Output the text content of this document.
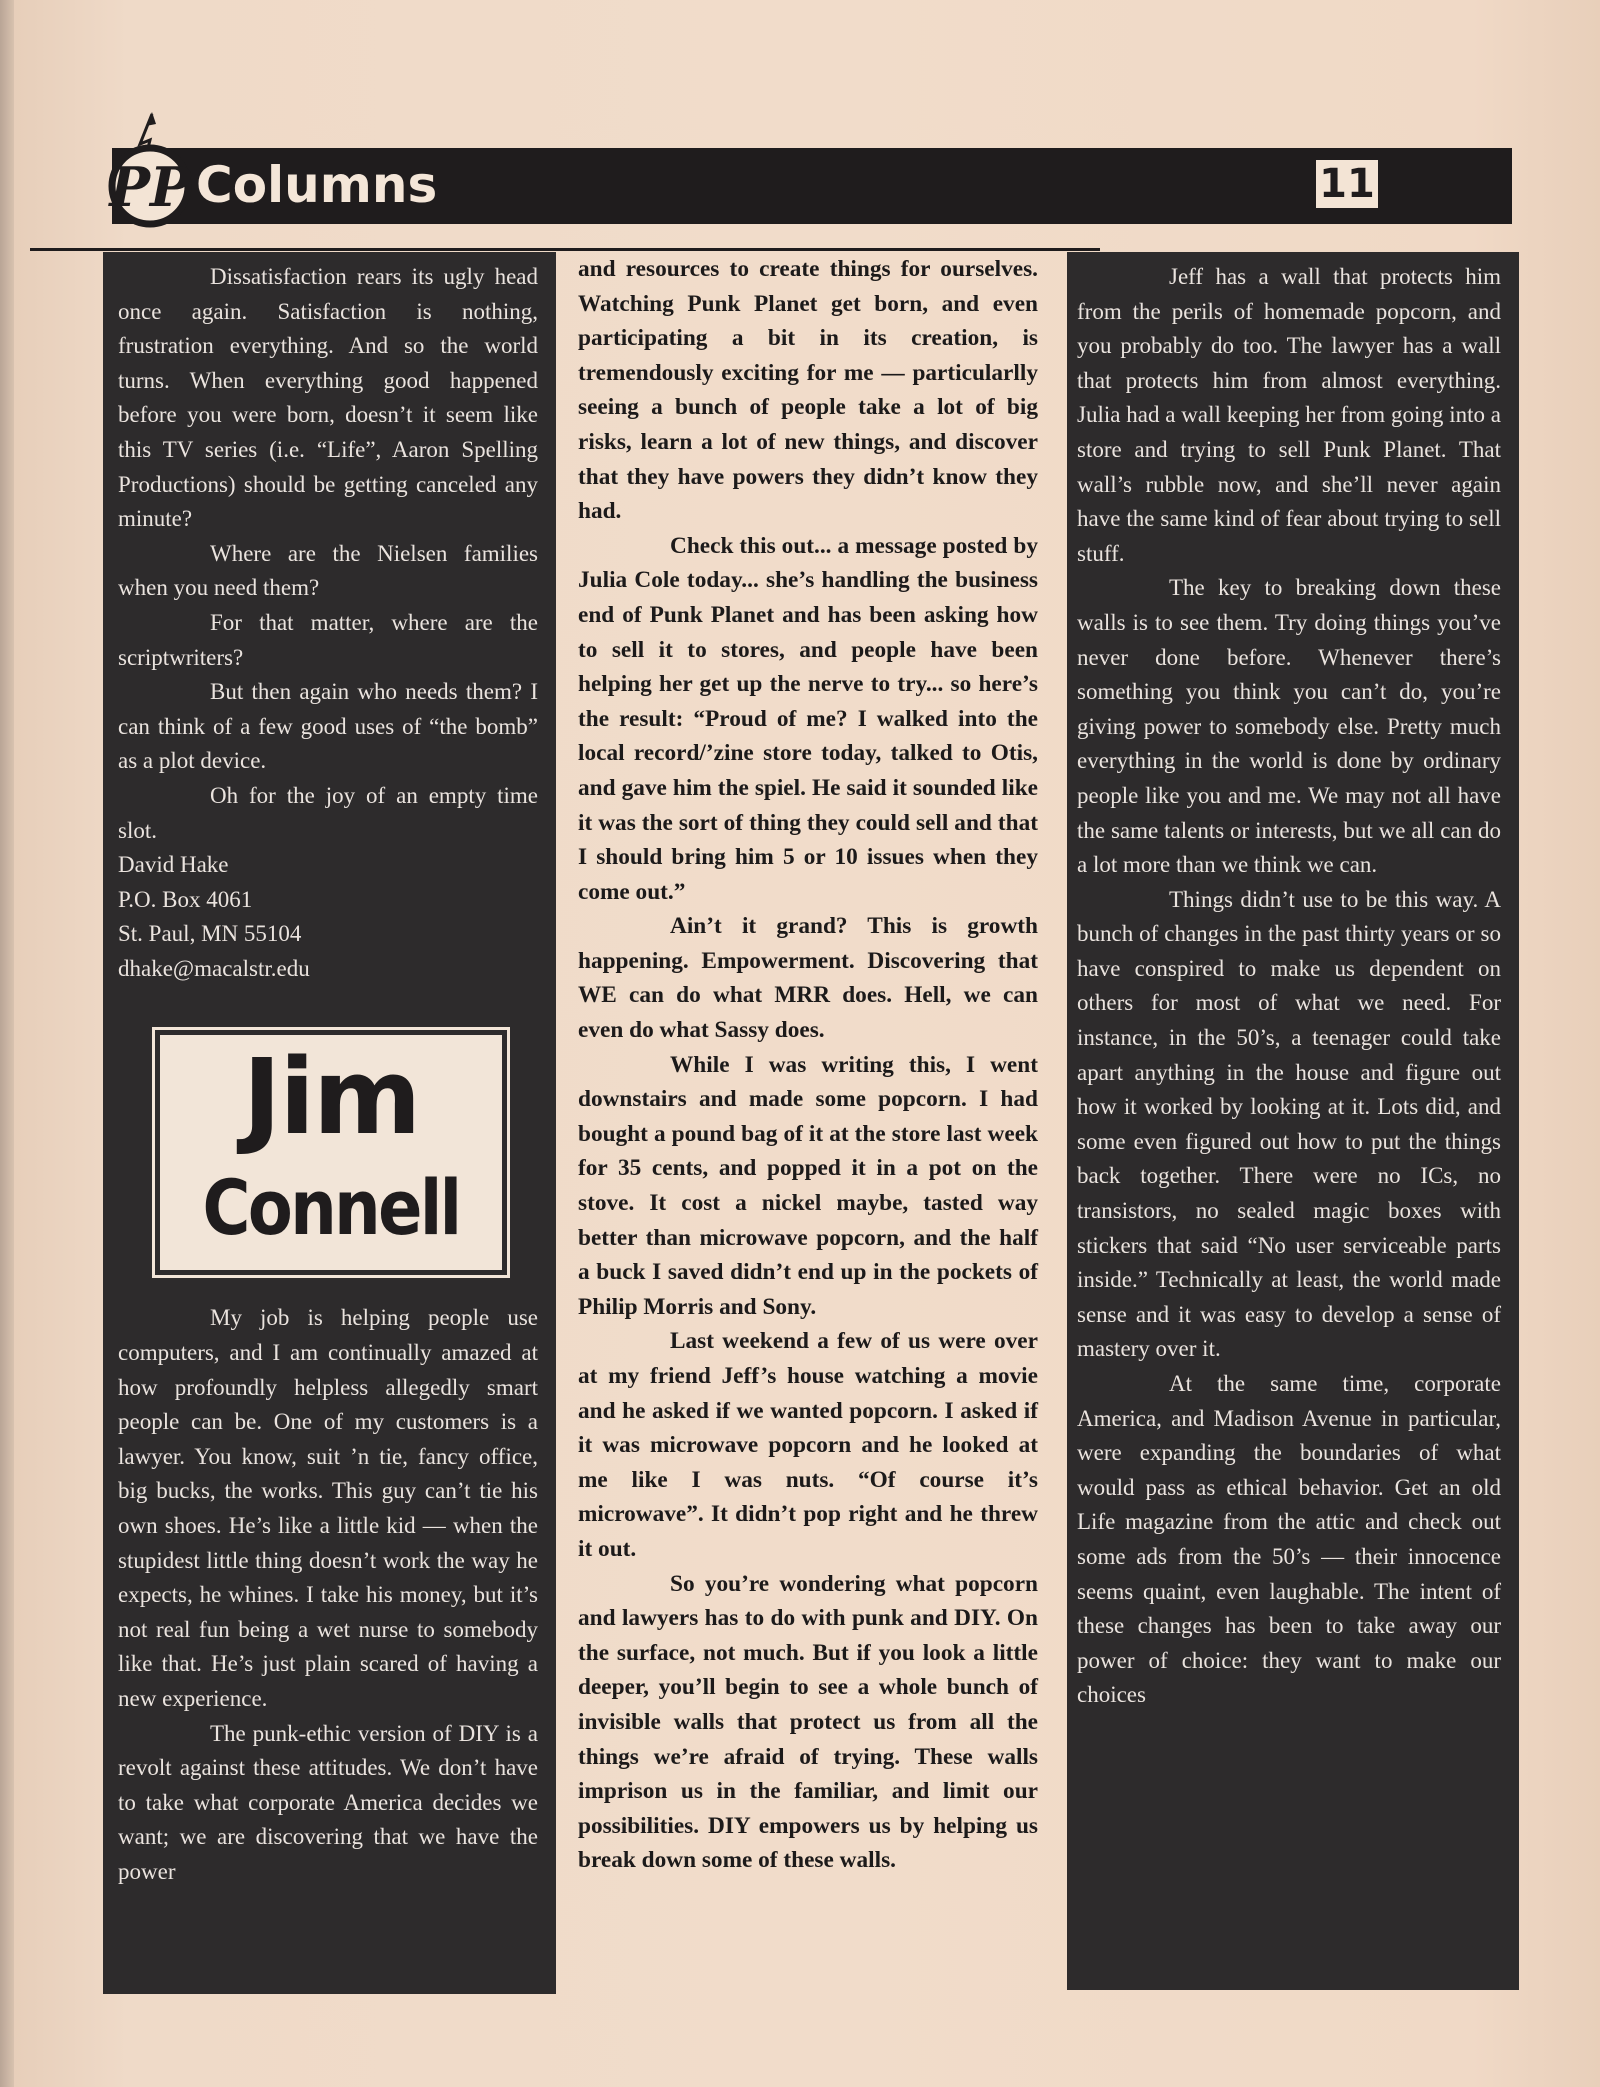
PP Columns	11

Dissatisfaction rears its ugly head once again. Satisfaction is nothing, frustration everything. And so the world turns. When everything good happened before you were born, doesn’t it seem like this TV series (i.e. “Life”, Aaron Spelling Productions) should be getting canceled any minute?

Where are the Nielsen families when you need them?

For that matter, where are the scriptwriters?

But then again who needs them? I can think of a few good uses of “the bomb” as a plot device.

Oh for the joy of an empty time slot.

David Hake

P.O. Box 4061

St. Paul, MN 55104

dhake@macalstr.edu

Jim
Connell

My job is helping people use computers, and I am continually amazed at how profoundly helpless allegedly smart people can be. One of my customers is a lawyer. You know, suit ’n tie, fancy office, big bucks, the works. This guy can’t tie his own shoes. He’s like a little kid — when the stupidest little thing doesn’t work the way he expects, he whines. I take his money, but it’s not real fun being a wet nurse to somebody like that. He’s just plain scared of having a new experience.

The punk-ethic version of DIY is a revolt against these attitudes. We don’t have to take what corporate America decides we want; we are discovering that we have the power

and resources to create things for ourselves. Watching Punk Planet get born, and even participating a bit in its creation, is tremendously exciting for me — particularlly seeing a bunch of people take a lot of big risks, learn a lot of new things, and discover that they have powers they didn’t know they had.

Check this out... a message posted by Julia Cole today... she’s handling the business end of Punk Planet and has been asking how to sell it to stores, and people have been helping her get up the nerve to try... so here’s the result: “Proud of me? I walked into the local record/’zine store today, talked to Otis, and gave him the spiel. He said it sounded like it was the sort of thing they could sell and that I should bring him 5 or 10 issues when they come out.”

Ain’t it grand? This is growth happening. Empowerment. Discovering that WE can do what MRR does. Hell, we can even do what Sassy does.

While I was writing this, I went downstairs and made some popcorn. I had bought a pound bag of it at the store last week for 35 cents, and popped it in a pot on the stove. It cost a nickel maybe, tasted way better than microwave popcorn, and the half a buck I saved didn’t end up in the pockets of Philip Morris and Sony.

Last weekend a few of us were over at my friend Jeff’s house watching a movie and he asked if we wanted popcorn. I asked if it was microwave popcorn and he looked at me like I was nuts. “Of course it’s microwave”. It didn’t pop right and he threw it out.

So you’re wondering what popcorn and lawyers has to do with punk and DIY. On the surface, not much. But if you look a little deeper, you’ll begin to see a whole bunch of invisible walls that protect us from all the things we’re afraid of trying. These walls imprison us in the familiar, and limit our possibilities. DIY empowers us by helping us break down some of these walls.

Jeff has a wall that protects him from the perils of homemade popcorn, and you probably do too. The lawyer has a wall that protects him from almost everything. Julia had a wall keeping her from going into a store and trying to sell Punk Planet. That wall’s rubble now, and she’ll never again have the same kind of fear about trying to sell stuff.

The key to breaking down these walls is to see them. Try doing things you’ve never done before. Whenever there’s something you think you can’t do, you’re giving power to somebody else. Pretty much everything in the world is done by ordinary people like you and me. We may not all have the same talents or interests, but we all can do a lot more than we think we can.

Things didn’t use to be this way. A bunch of changes in the past thirty years or so have conspired to make us dependent on others for most of what we need. For instance, in the 50’s, a teenager could take apart anything in the house and figure out how it worked by looking at it. Lots did, and some even figured out how to put the things back together. There were no ICs, no transistors, no sealed magic boxes with stickers that said “No user serviceable parts inside.” Technically at least, the world made sense and it was easy to develop a sense of mastery over it.

At the same time, corporate America, and Madison Avenue in particular, were expanding the boundaries of what would pass as ethical behavior. Get an old Life magazine from the attic and check out some ads from the 50’s — their innocence seems quaint, even laughable. The intent of these changes has been to take away our power of choice: they want to make our choices
